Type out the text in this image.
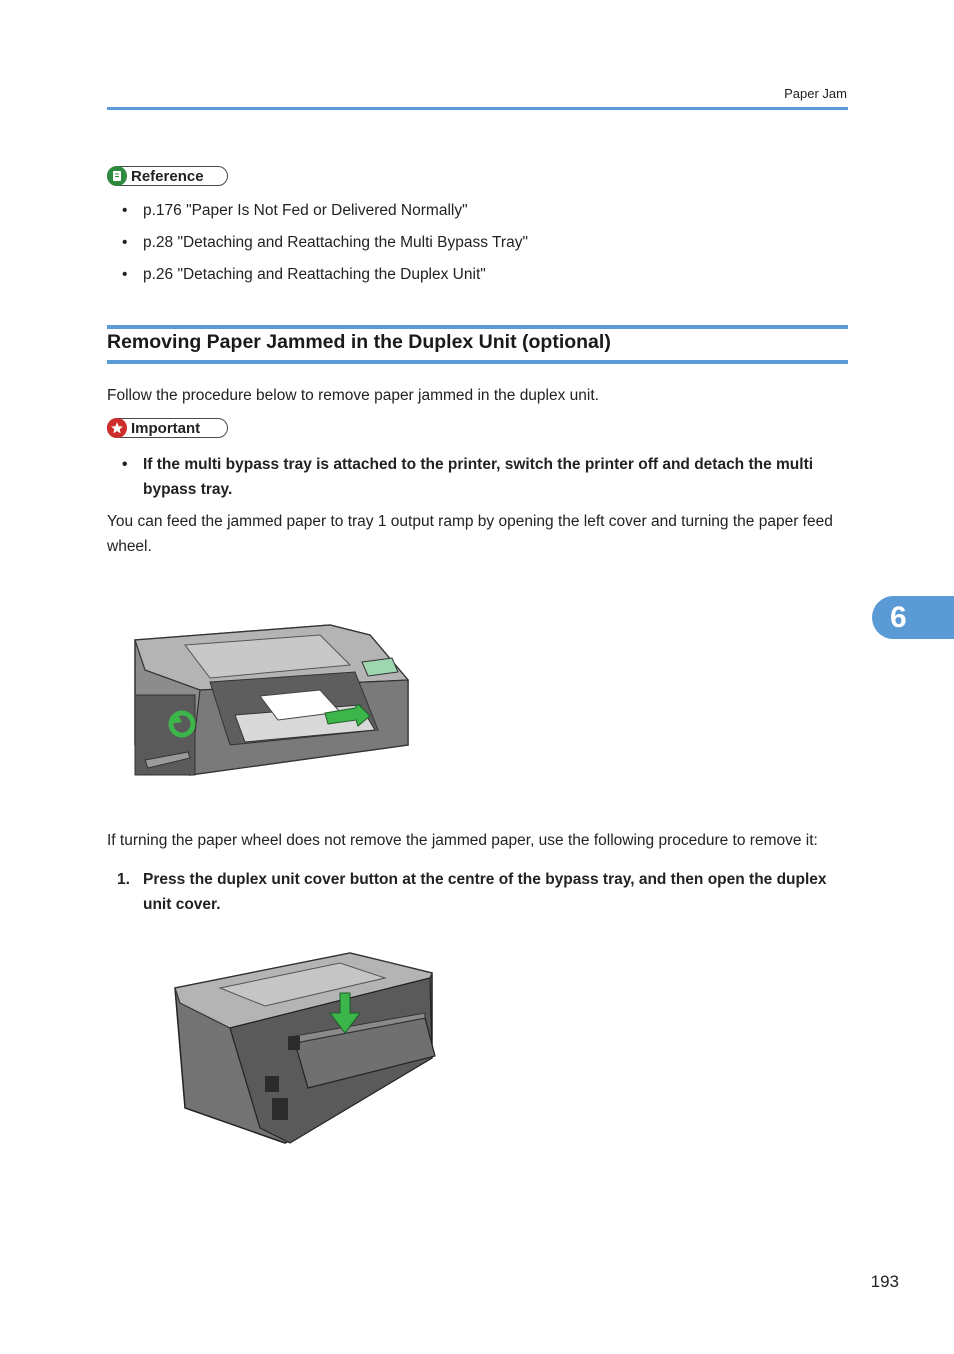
Paper Jam
Reference
• p.176 "Paper Is Not Fed or Delivered Normally"
• p.28 "Detaching and Reattaching the Multi Bypass Tray"
• p.26 "Detaching and Reattaching the Duplex Unit"
Removing Paper Jammed in the Duplex Unit (optional)
Follow the procedure below to remove paper jammed in the duplex unit.
Important
• If the multi bypass tray is attached to the printer, switch the printer off and detach the multi bypass tray.
You can feed the jammed paper to tray 1 output ramp by opening the left cover and turning the paper feed wheel.
If turning the paper wheel does not remove the jammed paper, use the following procedure to remove it:
1. Press the duplex unit cover button at the centre of the bypass tray, and then open the duplex unit cover.
6
193
